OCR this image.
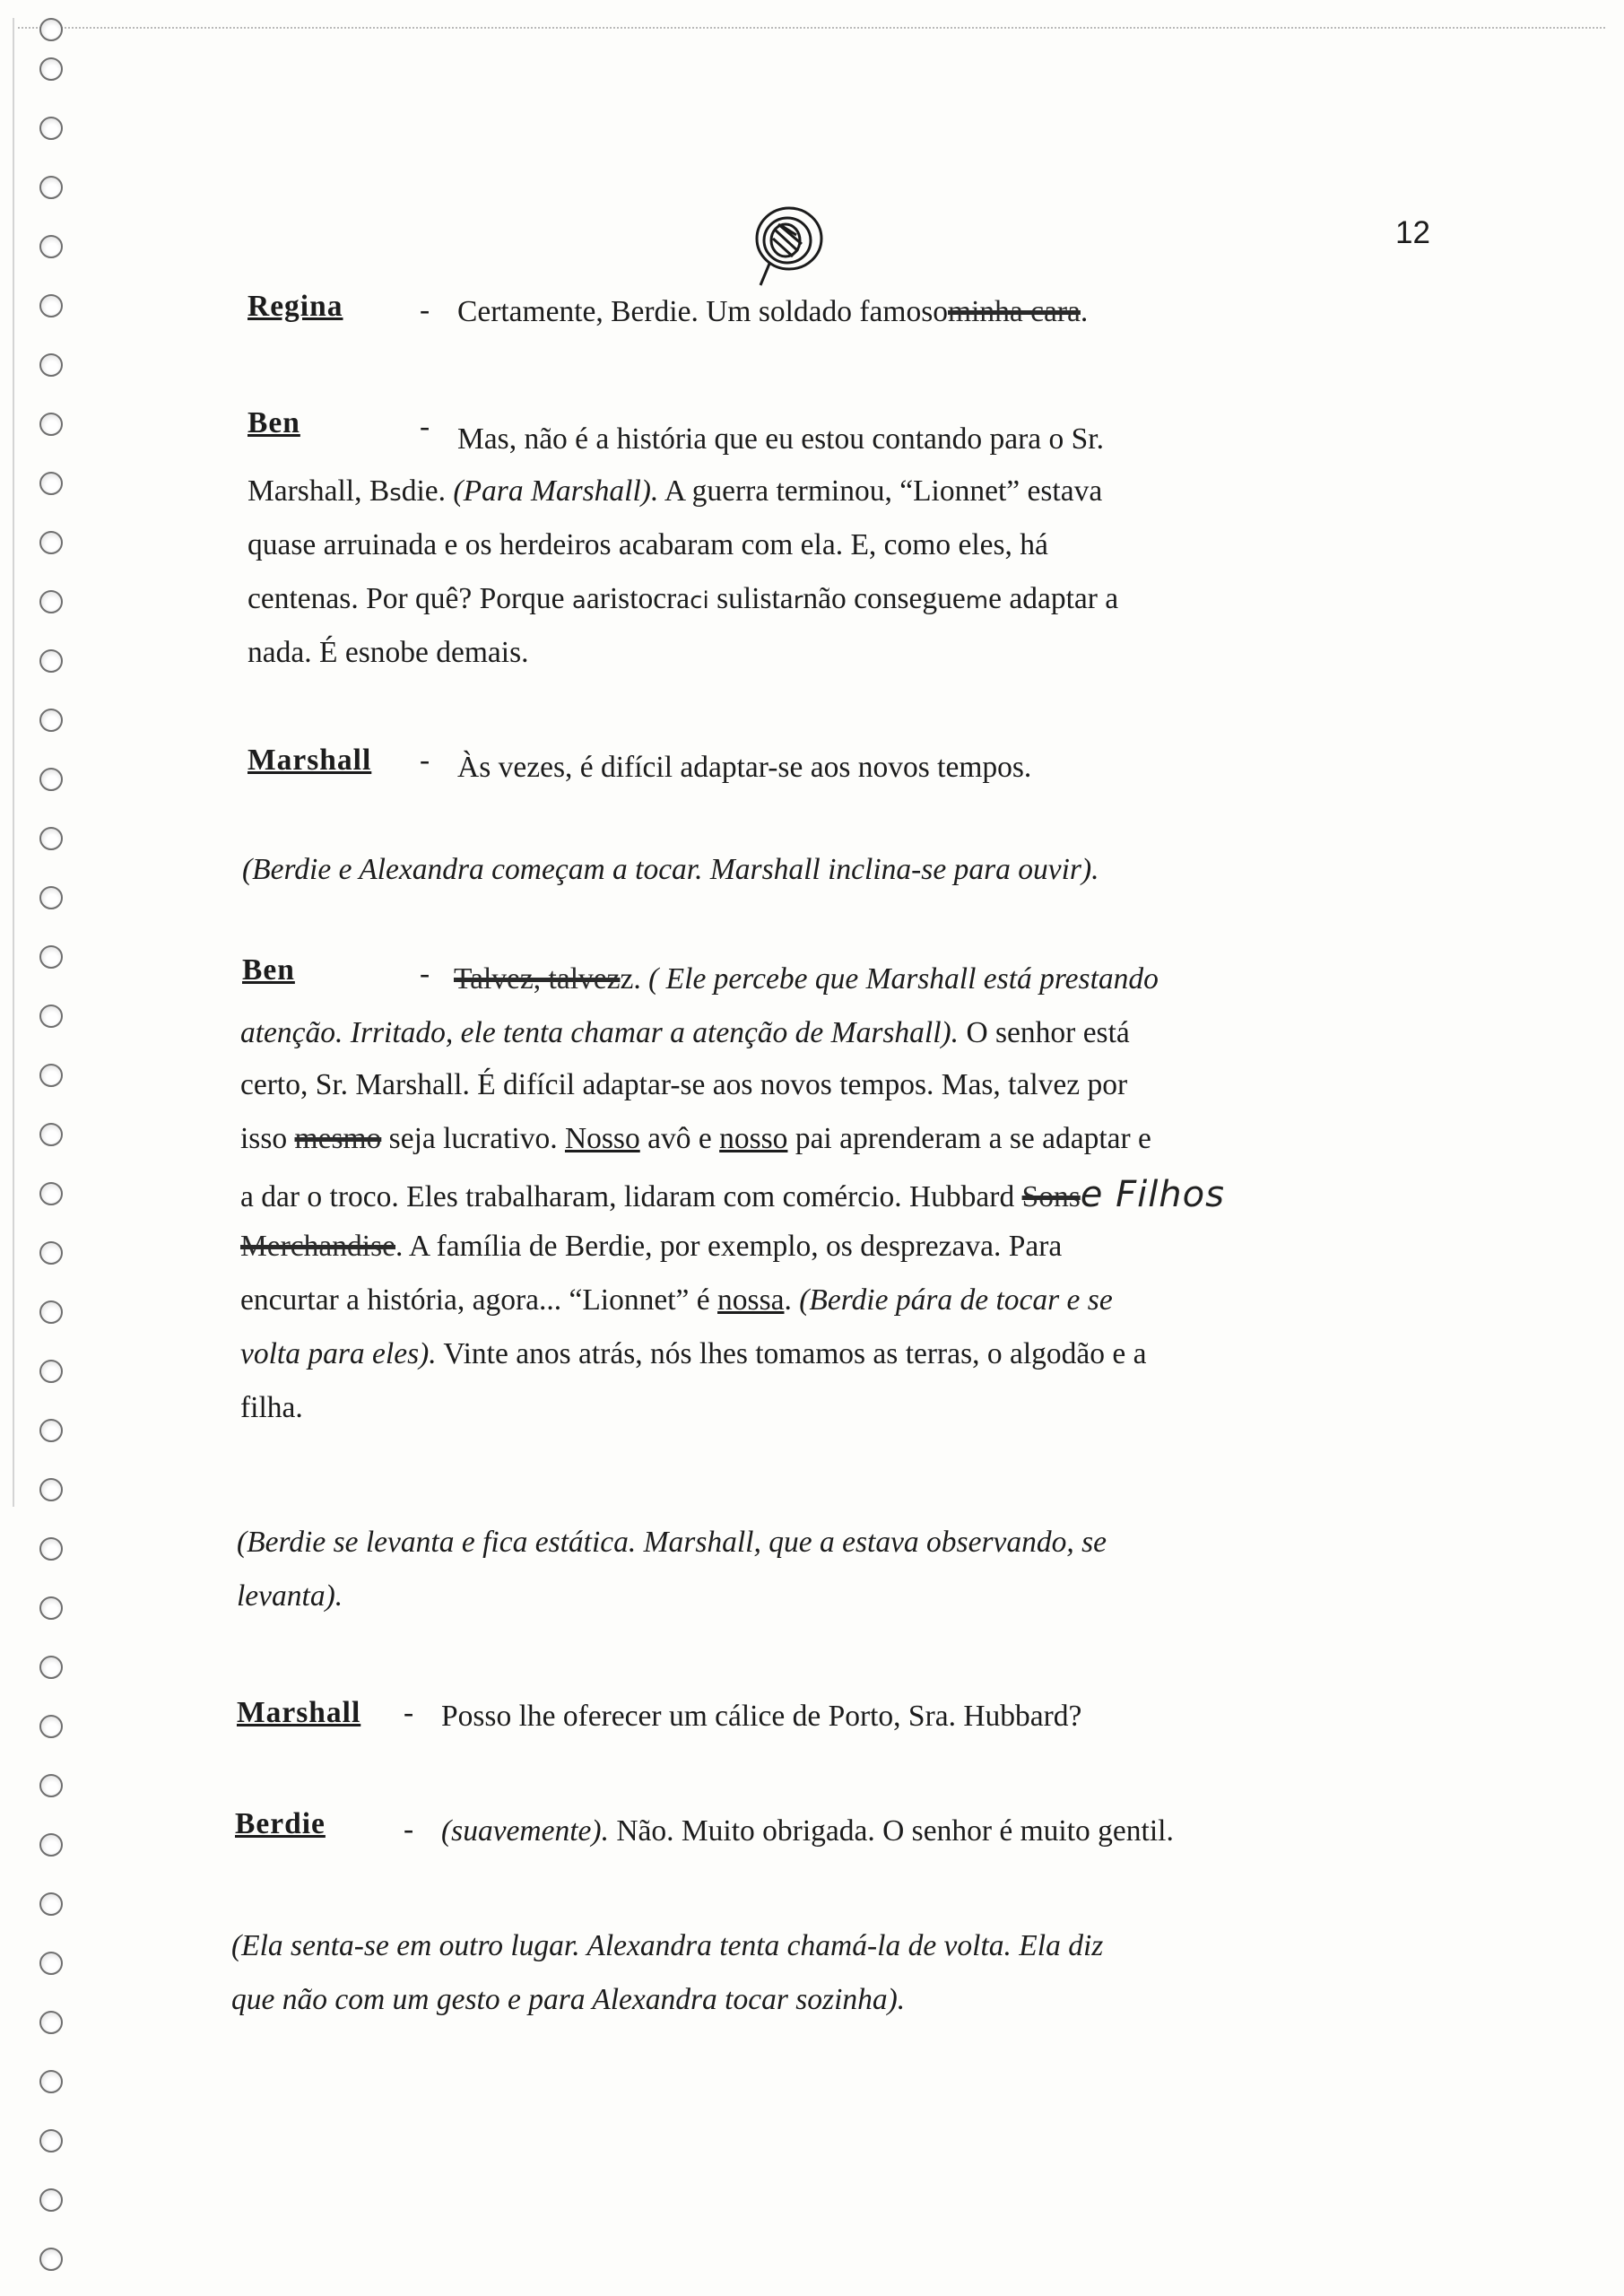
12
Regina	- Certamente, Berdie. Um soldado famosominha cara.
Ben	- Mas, não é a história que eu estou contando para o Sr.
Marshall, Bsdie. (Para Marshall). A guerra terminou, “Lionnet” estava
quase arruinada e os herdeiros acabaram com ela. E, como eles, há
centenas. Por quê? Porque aaristocraci sulistarnão consegueme adaptar a
nada. É esnobe demais.
Marshall - Às vezes, é difícil adaptar-se aos novos tempos.
(Berdie e Alexandra começam a tocar. Marshall inclina-se para ouvir).
Ben	- Talvez, talvezz. ( Ele percebe que Marshall está prestando
atenção. Irritado, ele tenta chamar a atenção de Marshall). O senhor está
certo, Sr. Marshall. É difícil adaptar-se aos novos tempos. Mas, talvez por
isso mesmo seja lucrativo. Nosso avô e nosso pai aprenderam a se adaptar e
a dar o troco. Eles trabalharam, lidaram com comércio. Hubbard Sonse Filhos
Merchandise. A família de Berdie, por exemplo, os desprezava. Para
encurtar a história, agora... “Lionnet” é nossa. (Berdie pára de tocar e se
volta para eles). Vinte anos atrás, nós lhes tomamos as terras, o algodão e a
filha.
(Berdie se levanta e fica estática. Marshall, que a estava observando, se
levanta).
Marshall - Posso lhe oferecer um cálice de Porto, Sra. Hubbard?
Berdie	- (suavemente). Não. Muito obrigada. O senhor é muito gentil.
(Ela senta-se em outro lugar. Alexandra tenta chamá-la de volta. Ela diz
que não com um gesto e para Alexandra tocar sozinha).
